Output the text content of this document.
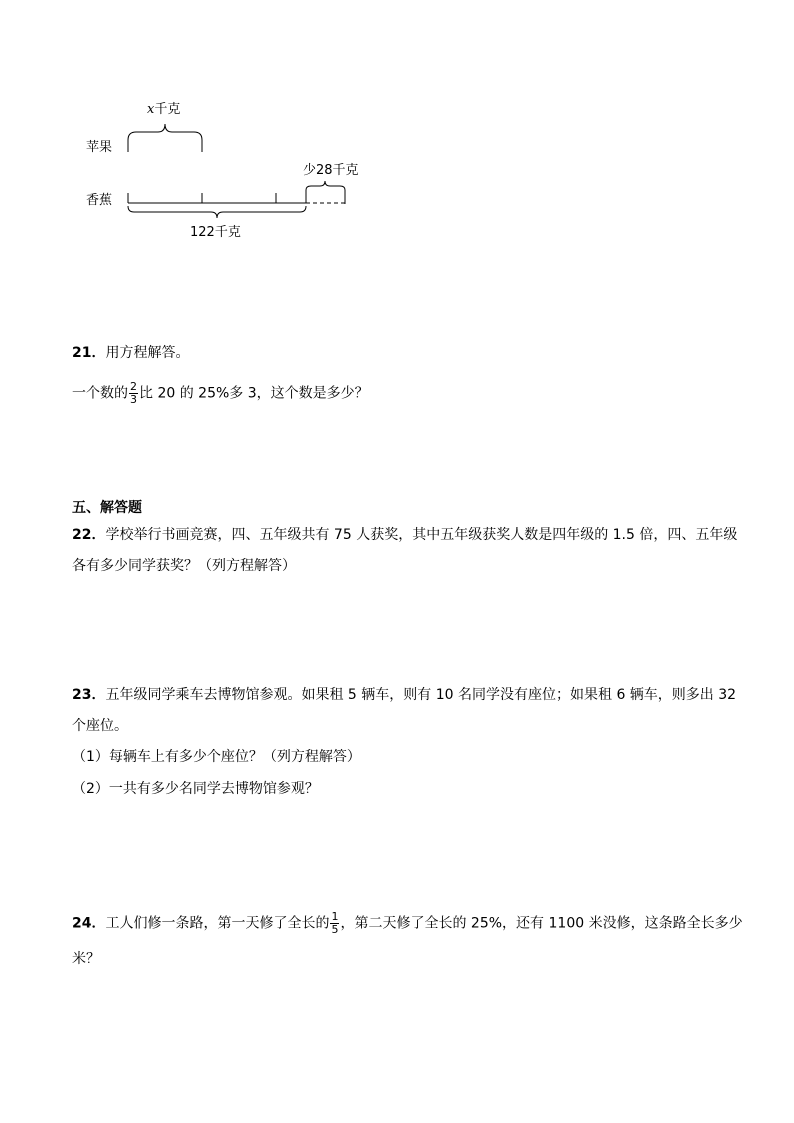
x千克
苹果
少28千克
香蕉
122千克
21．用方程解答。
一个数的 $\frac{2}{3}$ 比 20 的 25%多 3，这个数是多少？
五、解答题
22．学校举行书画竞赛，四、五年级共有 75 人获奖，其中五年级获奖人数是四年级的 1.5 倍，四、五年级
各有多少同学获奖？（列方程解答）
23．五年级同学乘车去博物馆参观。如果租 5 辆车，则有 10 名同学没有座位；如果租 6 辆车，则多出 32
个座位。
（1）每辆车上有多少个座位？（列方程解答）
（2）一共有多少名同学去博物馆参观？
24．工人们修一条路，第一天修了全长的 $\frac{1}{5}$ ，第二天修了全长的 25%，还有 1100 米没修，这条路全长多少
米？
